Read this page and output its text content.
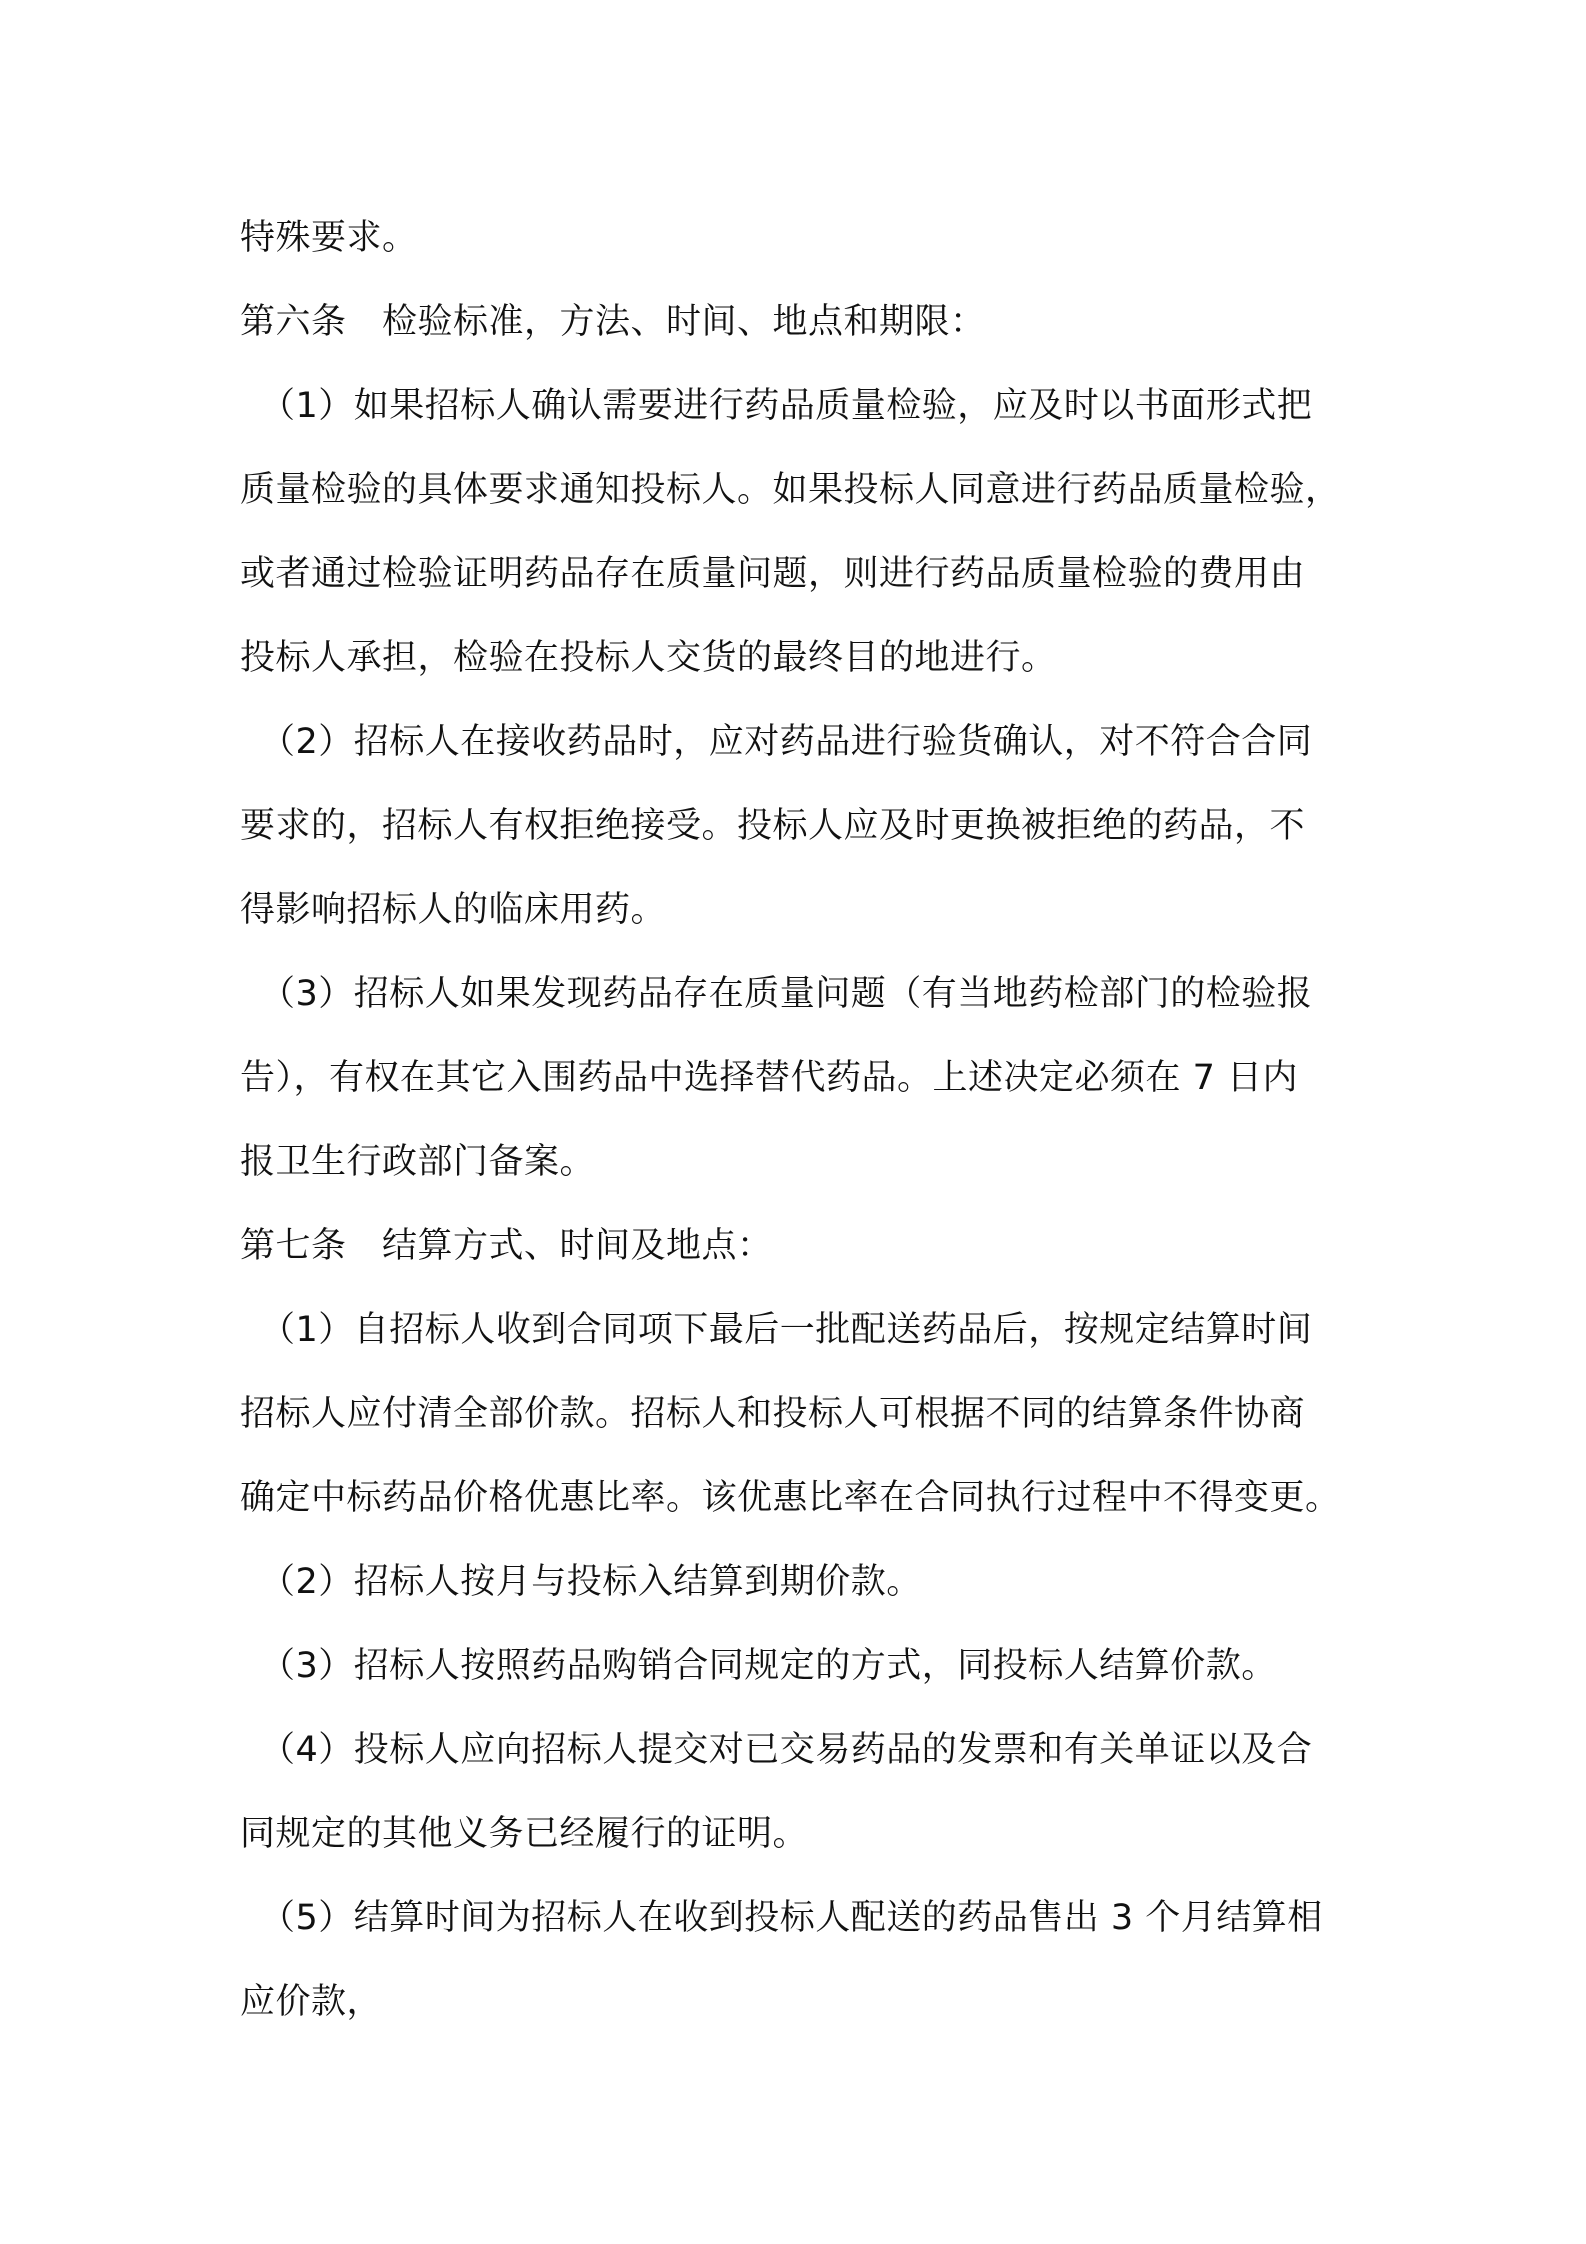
特殊要求。
第六条　检验标准，方法、时间、地点和期限：
（1）如果招标人确认需要进行药品质量检验，应及时以书面形式把
质量检验的具体要求通知投标人。如果投标人同意进行药品质量检验，
或者通过检验证明药品存在质量问题，则进行药品质量检验的费用由
投标人承担，检验在投标人交货的最终目的地进行。
（2）招标人在接收药品时，应对药品进行验货确认，对不符合合同
要求的，招标人有权拒绝接受。投标人应及时更换被拒绝的药品，不
得影响招标人的临床用药。
（3）招标人如果发现药品存在质量问题（有当地药检部门的检验报
告），有权在其它入围药品中选择替代药品。上述决定必须在 7 日内
报卫生行政部门备案。
第七条　结算方式、时间及地点：
（1）自招标人收到合同项下最后一批配送药品后，按规定结算时间
招标人应付清全部价款。招标人和投标人可根据不同的结算条件协商
确定中标药品价格优惠比率。该优惠比率在合同执行过程中不得变更。
（2）招标人按月与投标入结算到期价款。
（3）招标人按照药品购销合同规定的方式，同投标人结算价款。
（4）投标人应向招标人提交对已交易药品的发票和有关单证以及合
同规定的其他义务已经履行的证明。
（5）结算时间为招标人在收到投标人配送的药品售出 3 个月结算相
应价款，
